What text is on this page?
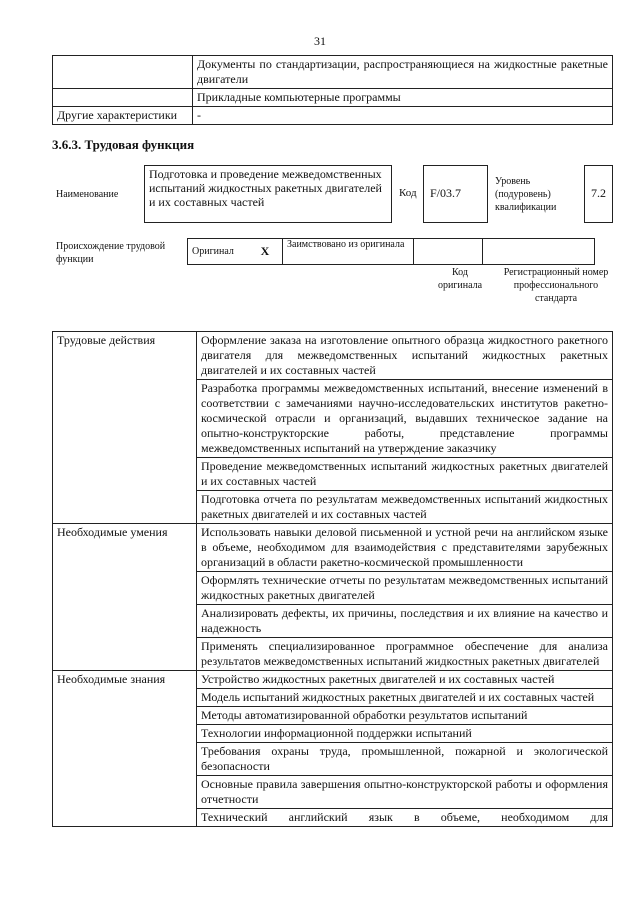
31
	Документы по стандартизации, распространяющиеся на жидкостные ракетные двигатели
	Прикладные компьютерные программы
Другие характеристики	-
3.6.3. Трудовая функция
Наименование
Подготовка и проведение межведомственных испытаний жидкостных ракетных двигателей и их составных частей
Код	F/03.7
Уровень (подуровень) квалификации
7.2
Происхождение трудовой функции
Оригинал	X	Заимствовано из оригинала		
Код оригинала
Регистрационный номер профессионального стандарта
Трудовые действия	Оформление заказа на изготовление опытного образца жидкостного ракетного двигателя для межведомственных испытаний жидкостных ракетных двигателей и их составных частей
	Разработка программы межведомственных испытаний, внесение изменений в соответствии с замечаниями научно-исследовательских институтов ракетно-космической отрасли и организаций, выдавших техническое задание на опытно-конструкторские работы, представление программы межведомственных испытаний на утверждение заказчику
	Проведение межведомственных испытаний жидкостных ракетных двигателей и их составных частей
	Подготовка отчета по результатам межведомственных испытаний жидкостных ракетных двигателей и их составных частей
Необходимые умения	Использовать навыки деловой письменной и устной речи на английском языке в объеме, необходимом для взаимодействия с представителями зарубежных организаций в области ракетно-космической промышленности
	Оформлять технические отчеты по результатам межведомственных испытаний жидкостных ракетных двигателей
	Анализировать дефекты, их причины, последствия и их влияние на качество и надежность
	Применять специализированное программное обеспечение для анализа результатов межведомственных испытаний жидкостных ракетных двигателей
Необходимые знания	Устройство жидкостных ракетных двигателей и их составных частей
	Модель испытаний жидкостных ракетных двигателей и их составных частей
	Методы автоматизированной обработки результатов испытаний
	Технологии информационной поддержки испытаний
	Требования охраны труда, промышленной, пожарной и экологической безопасности
	Основные правила завершения опытно-конструкторской работы и оформления отчетности
	Технический английский язык в объеме, необходимом для
